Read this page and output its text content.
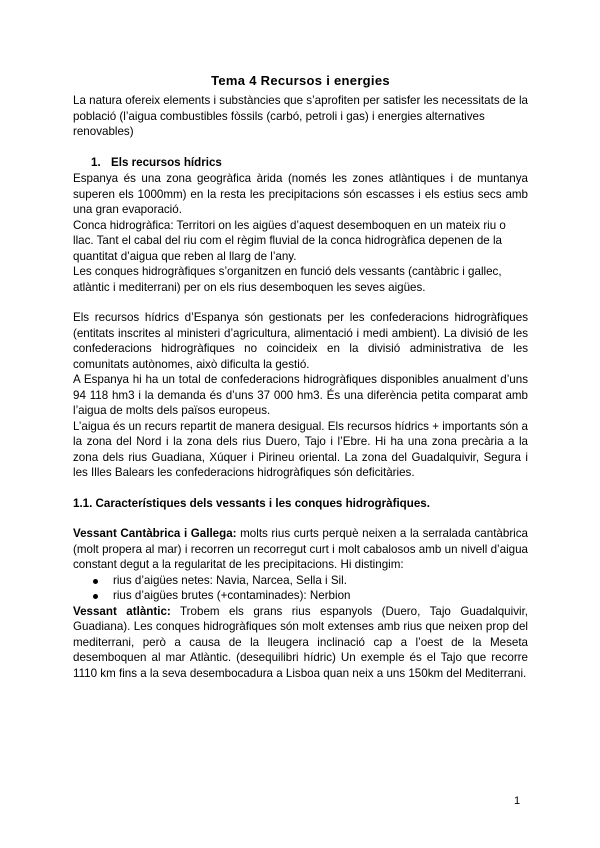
Tema 4 Recursos i energies

La natura ofereix elements i substàncies que s’aprofiten per satisfer les necessitats de la població (l’aigua combustibles fòssils (carbó, petroli i gas) i energies alternatives renovables)

1. Els recursos hídrics

Espanya és una zona geogràfica àrida (només les zones atlàntiques i de muntanya superen els 1000mm) en la resta les precipitacions són escasses i els estius secs amb una gran evaporació.

Conca hidrogràfica: Territori on les aigües d’aquest desemboquen en un mateix riu o llac. Tant el cabal del riu com el règim fluvial de la conca hidrogràfica depenen de la quantitat d’aigua que reben al llarg de l’any.

Les conques hidrogràfiques s’organitzen en funció dels vessants (cantàbric i gallec, atlàntic i mediterrani) per on els rius desemboquen les seves aigües.

Els recursos hídrics d’Espanya són gestionats per les confederacions hidrogràfiques (entitats inscrites al ministeri d’agricultura, alimentació i medi ambient). La divisió de les confederacions hidrogràfiques no coincideix en la divisió administrativa de les comunitats autònomes, això dificulta la gestió.

A Espanya hi ha un total de confederacions hidrogràfiques disponibles anualment d’uns 94 118 hm3 i la demanda és d’uns 37 000 hm3. És una diferència petita comparat amb l’aigua de molts dels països europeus.

L’aigua és un recurs repartit de manera desigual. Els recursos hídrics + importants són a la zona del Nord i la zona dels rius Duero, Tajo i l’Ebre. Hi ha una zona precària a la zona dels rius Guadiana, Xúquer i Pirineu oriental. La zona del Guadalquivir, Segura i les Illes Balears les confederacions hidrogràfiques són deficitàries.

1.1. Característiques dels vessants i les conques hidrogràfiques.

Vessant Cantàbrica i Gallega: molts rius curts perquè neixen a la serralada cantàbrica (molt propera al mar) i recorren un recorregut curt i molt cabalosos amb un nivell d’aigua constant degut a la regularitat de les precipitacions. Hi distingim:

rius d’aigües netes: Navia, Narcea, Sella i Sil.
rius d’aigües brutes (+contaminades): Nerbion

Vessant atlàntic: Trobem els grans rius espanyols (Duero, Tajo Guadalquivir, Guadiana). Les conques hidrogràfiques són molt extenses amb rius que neixen prop del mediterrani, però a causa de la lleugera inclinació cap a l’oest de la Meseta desemboquen al mar Atlàntic. (desequilibri hídric) Un exemple és el Tajo que recorre 1110 km fins a la seva desembocadura a Lisboa quan neix a uns 150km del Mediterrani.

1
